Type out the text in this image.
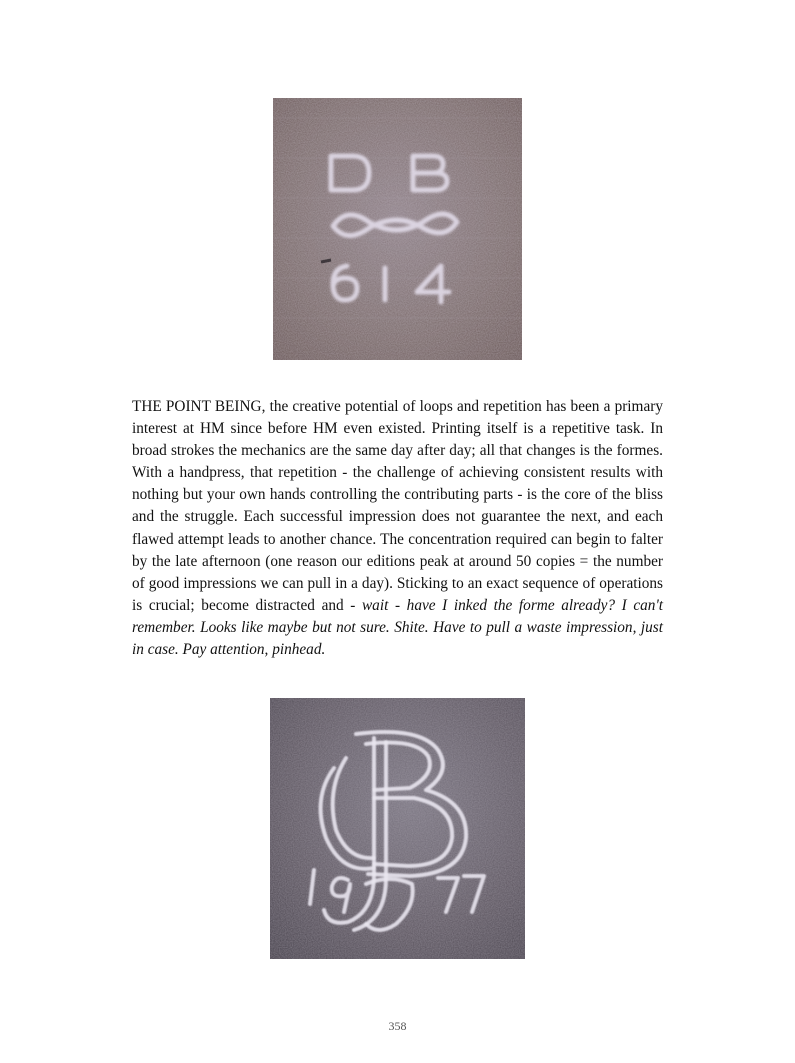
THE POINT BEING, the creative potential of loops and repetition has been a primary interest at HM since before HM even existed. Printing itself is a repetitive task. In broad strokes the mechanics are the same day after day; all that changes is the formes. With a handpress, that repetition - the challenge of achieving consistent results with nothing but your own hands controlling the contributing parts - is the core of the bliss and the struggle. Each successful impression does not guarantee the next, and each flawed attempt leads to another chance. The concentration required can begin to falter by the late afternoon (one reason our editions peak at around 50 copies = the number of good impressions we can pull in a day). Sticking to an exact sequence of operations is crucial; become distracted and - wait - have I inked the forme already? I can't remember. Looks like maybe but not sure. Shite. Have to pull a waste impression, just in case. Pay attention, pinhead.

358
